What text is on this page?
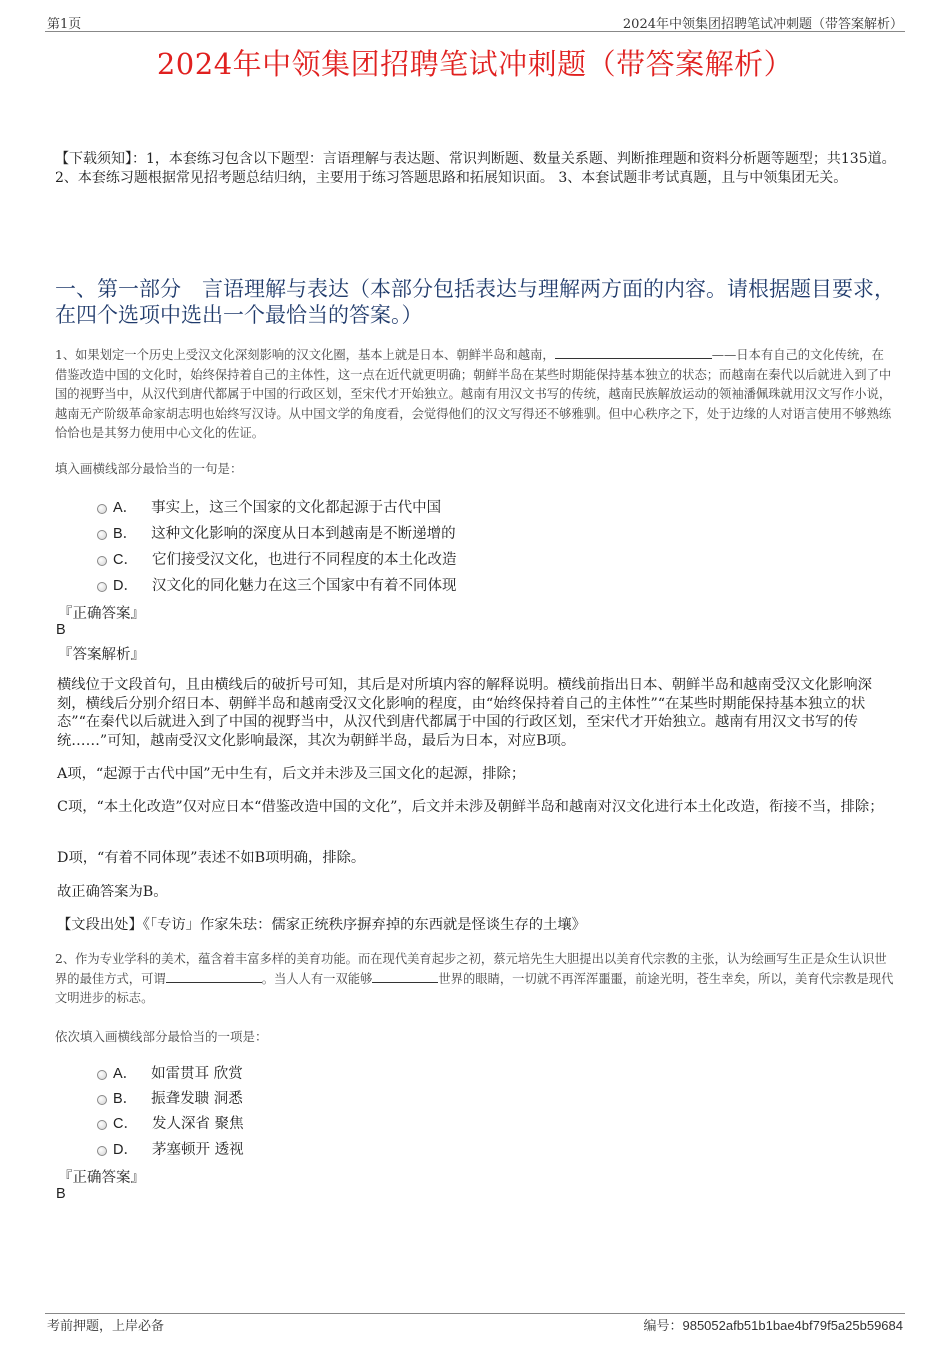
第1页	2024年中领集团招聘笔试冲刺题（带答案解析）
2024年中领集团招聘笔试冲刺题（带答案解析）
【下载须知】：1，本套练习包含以下题型：言语理解与表达题、常识判断题、数量关系题、判断推理题和资料分析题等题型；共135道。 2、本套练习题根据常见招考题总结归纳，主要用于练习答题思路和拓展知识面。 3、本套试题非考试真题，且与中领集团无关。
一、第一部分　言语理解与表达（本部分包括表达与理解两方面的内容。请根据题目要求，在四个选项中选出一个最恰当的答案。）
1、如果划定一个历史上受汉文化深刻影响的汉文化圈，基本上就是日本、朝鲜半岛和越南，	——日本有自己的文化传统，在借鉴改造中国的文化时，始终保持着自己的主体性，这一点在近代就更明确；朝鲜半岛在某些时期能保持基本独立的状态；而越南在秦代以后就进入到了中国的视野当中，从汉代到唐代都属于中国的行政区划，至宋代才开始独立。越南有用汉文书写的传统，越南民族解放运动的领袖潘佩珠就用汉文写作小说，越南无产阶级革命家胡志明也始终写汉诗。从中国文学的角度看，会觉得他们的汉文写得还不够雅驯。但中心秩序之下，处于边缘的人对语言使用不够熟练恰恰也是其努力使用中心文化的佐证。
填入画横线部分最恰当的一句是：
A． 事实上，这三个国家的文化都起源于古代中国
B． 这种文化影响的深度从日本到越南是不断递增的
C． 它们接受汉文化，也进行不同程度的本土化改造
D． 汉文化的同化魅力在这三个国家中有着不同体现
『正确答案』
B
『答案解析』
横线位于文段首句，且由横线后的破折号可知，其后是对所填内容的解释说明。横线前指出日本、朝鲜半岛和越南受汉文化影响深刻，横线后分别介绍日本、朝鲜半岛和越南受汉文化影响的程度，由“始终保持着自己的主体性”“在某些时期能保持基本独立的状态”“在秦代以后就进入到了中国的视野当中，从汉代到唐代都属于中国的行政区划，至宋代才开始独立。越南有用汉文书写的传统……”可知，越南受汉文化影响最深，其次为朝鲜半岛，最后为日本，对应B项。
A项，“起源于古代中国”无中生有，后文并未涉及三国文化的起源，排除；
C项，“本土化改造”仅对应日本“借鉴改造中国的文化”，后文并未涉及朝鲜半岛和越南对汉文化进行本土化改造，衔接不当，排除；
D项，“有着不同体现”表述不如B项明确，排除。
故正确答案为B。
【文段出处】《「专访」作家朱珐：儒家正统秩序摒弃掉的东西就是怪谈生存的土壤》
2、作为专业学科的美术，蕴含着丰富多样的美育功能。而在现代美育起步之初，蔡元培先生大胆提出以美育代宗教的主张，认为绘画写生正是众生认识世界的最佳方式，可谓	。当人人有一双能够	世界的眼睛，一切就不再浑浑噩噩，前途光明，苍生幸矣，所以，美育代宗教是现代文明进步的标志。
依次填入画横线部分最恰当的一项是：
A． 如雷贯耳 欣赏
B． 振聋发聩 洞悉
C． 发人深省 聚焦
D． 茅塞顿开 透视
『正确答案』
B
考前押题，上岸必备	编号：985052afb51b1bae4bf79f5a25b59684
